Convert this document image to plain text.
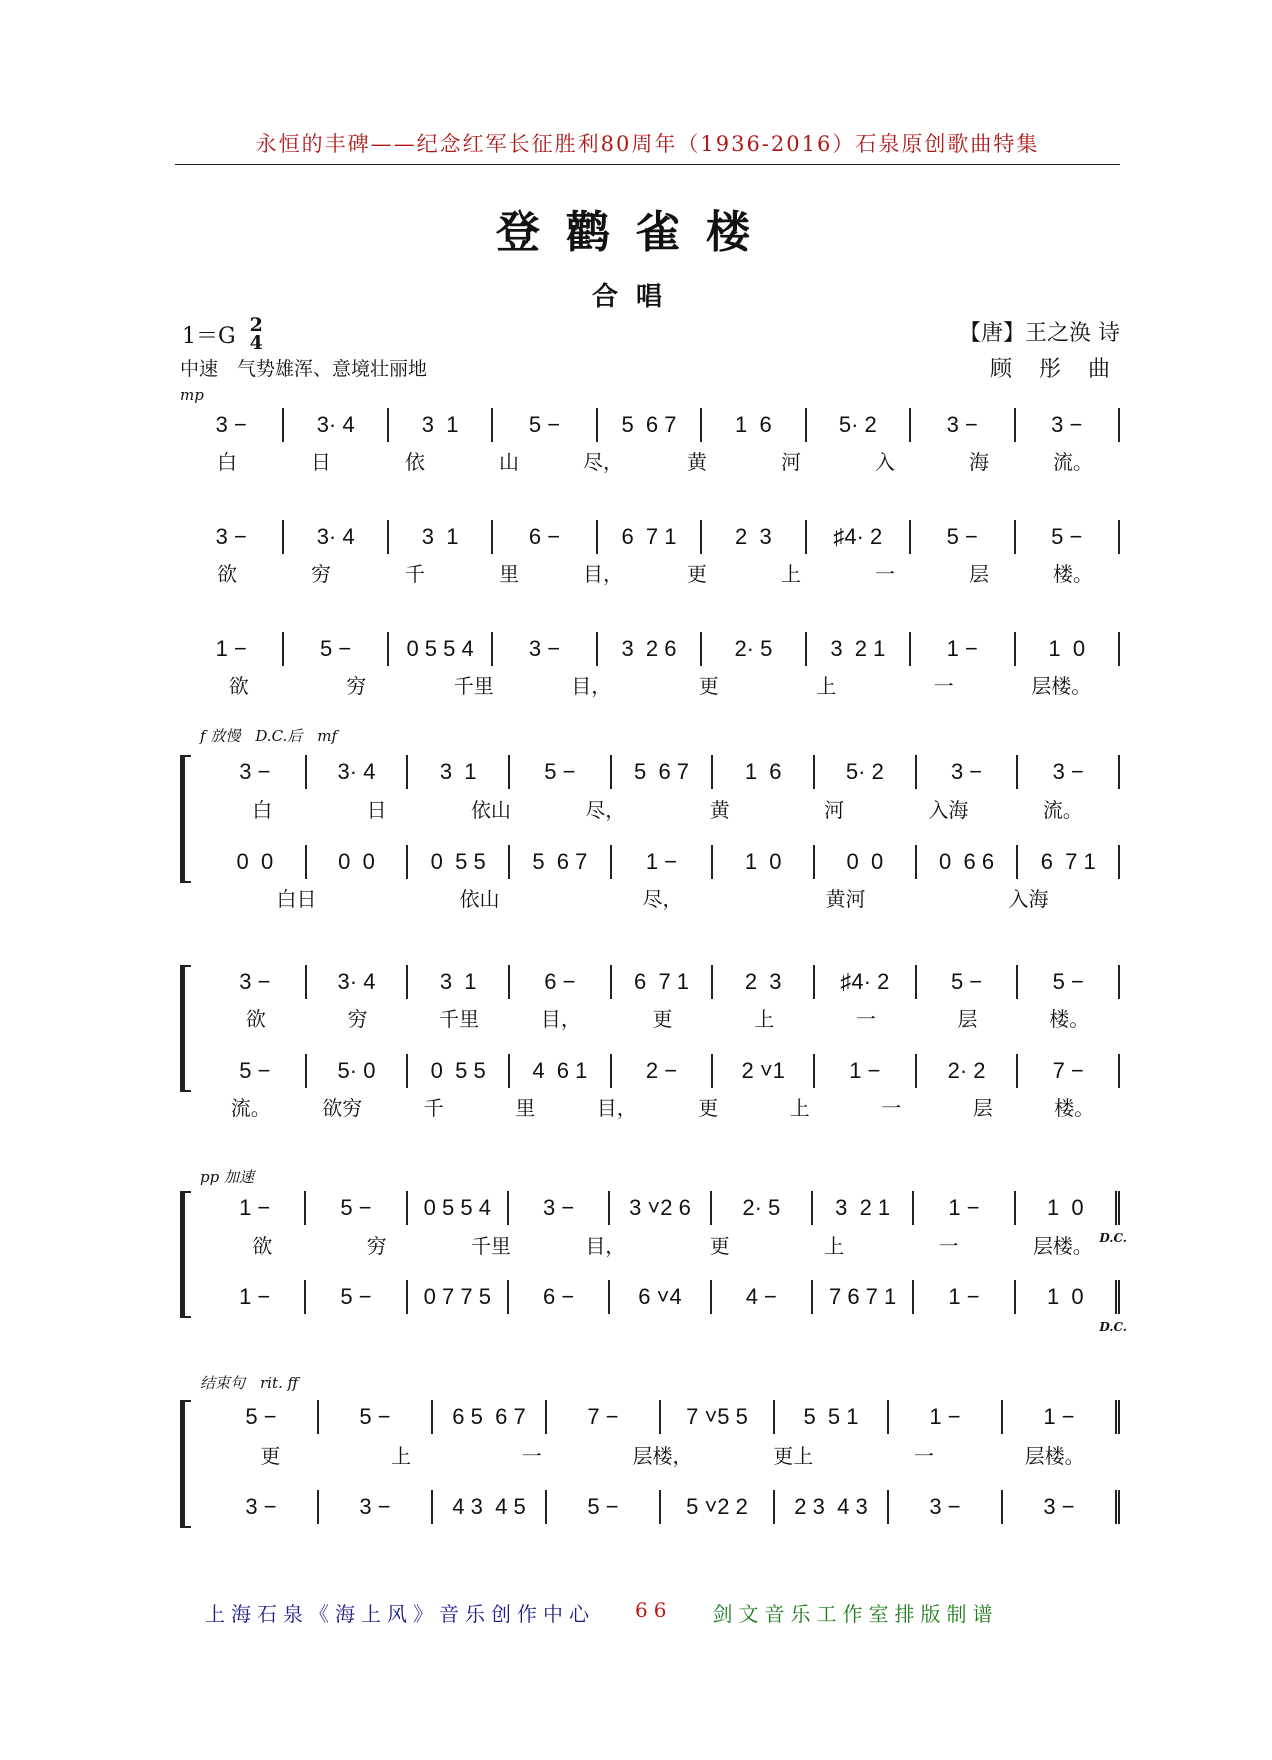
永恒的丰碑——纪念红军长征胜利80周年（1936-2016）石泉原创歌曲特集
登鹳雀楼
合唱
1＝G 2
4
中速　气势雄浑、意境壮丽地
【唐】王之涣 诗
顾 彤 曲
mp
3 −	3· 4	3  1	5 −	5  6 7	1  6	5· 2	3 −	3 −
白	日	依	山	尽，	黄	河	入	海	流。
3 −	3· 4	3  1	6 −	6  7 1	2  3	♯4· 2	5 −	5 −
欲	穷	千	里	目，	更	上	一	层	楼。
1 −	5 −	0 5 5 4	3 −	3  2 6	2· 5	3  2 1	1 −	1  0
欲	穷	千里	目，	更	上	一	层楼。
f 放慢　D.C.后　mf
3 −	3· 4	3  1	5 −	5  6 7	1  6	5· 2	3 −	3 −
白	日	依山	尽，	黄	河	入海	流。
0  0	0  0	0  5 5	5  6 7	1 −	1  0	0  0	0  6 6	6  7 1
白日	依山	尽，	黄河	入海
3 −	3· 4	3  1	6 −	6  7 1	2  3	♯4· 2	5 −	5 −
欲	穷	千里	目，	更	上	一	层	楼。
5 −	5· 0	0  5 5	4  6 1	2 −	2 ˅1	1 −	2· 2	7 −
流。	欲穷	千	里	目，	更	上	一	层	楼。
pp 加速
1 −	5 −	0 5 5 4	3 −	3 ˅2 6	2· 5	3  2 1	1 −	1  0
D.C.
欲	穷	千里	目，	更	上	一	层楼。
1 −	5 −	0 7 7 5	6 −	6 ˅4	4 −	7 6 7 1	1 −	1  0
D.C.
结束句　rit. ff
5 −	5 −	6 5  6 7	7 −	7 ˅5 5	5  5 1	1 −	1 −
更	上	一	层楼，	更上	一	层楼。
3 −	3 −	4 3  4 5	5 −	5 ˅2 2	2 3  4 3	3 −	3 −
上海石泉《海上风》音乐创作中心 66 剑文音乐工作室排版制谱
